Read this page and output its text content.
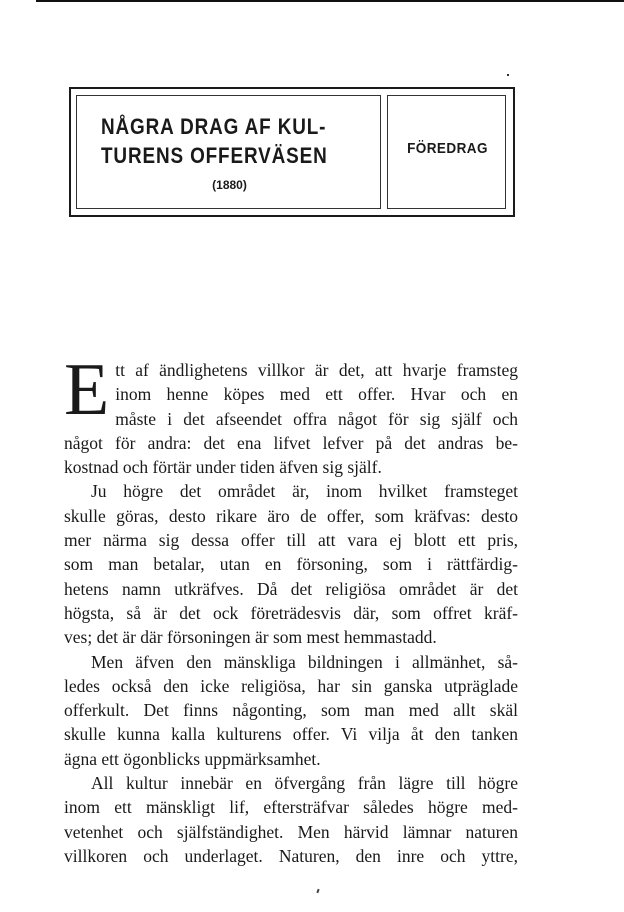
NÅGRA DRAG AF KUL-
TURENS OFFERVÄSEN
(1880)
FÖREDRAG
E tt af ändlighetens villkor är det, att hvarje framsteg
inom henne köpes med ett offer. Hvar och en
måste i det afseendet offra något för sig själf och
något för andra: det ena lifvet lefver på det andras be-
kostnad och förtär under tiden äfven sig själf.
Ju högre det området är, inom hvilket framsteget
skulle göras, desto rikare äro de offer, som kräfvas: desto
mer närma sig dessa offer till att vara ej blott ett pris,
som man betalar, utan en försoning, som i rättfärdig-
hetens namn utkräfves. Då det religiösa området är det
högsta, så är det ock företrädesvis där, som offret kräf-
ves; det är där försoningen är som mest hemmastadd.
Men äfven den mänskliga bildningen i allmänhet, så-
ledes också den icke religiösa, har sin ganska utpräglade
offerkult. Det finns någonting, som man med allt skäl
skulle kunna kalla kulturens offer. Vi vilja åt den tanken
ägna ett ögonblicks uppmärksamhet.
All kultur innebär en öfvergång från lägre till högre
inom ett mänskligt lif, eftersträfvar således högre med-
vetenhet och själfständighet. Men härvid lämnar naturen
villkoren och underlaget. Naturen, den inre och yttre,
